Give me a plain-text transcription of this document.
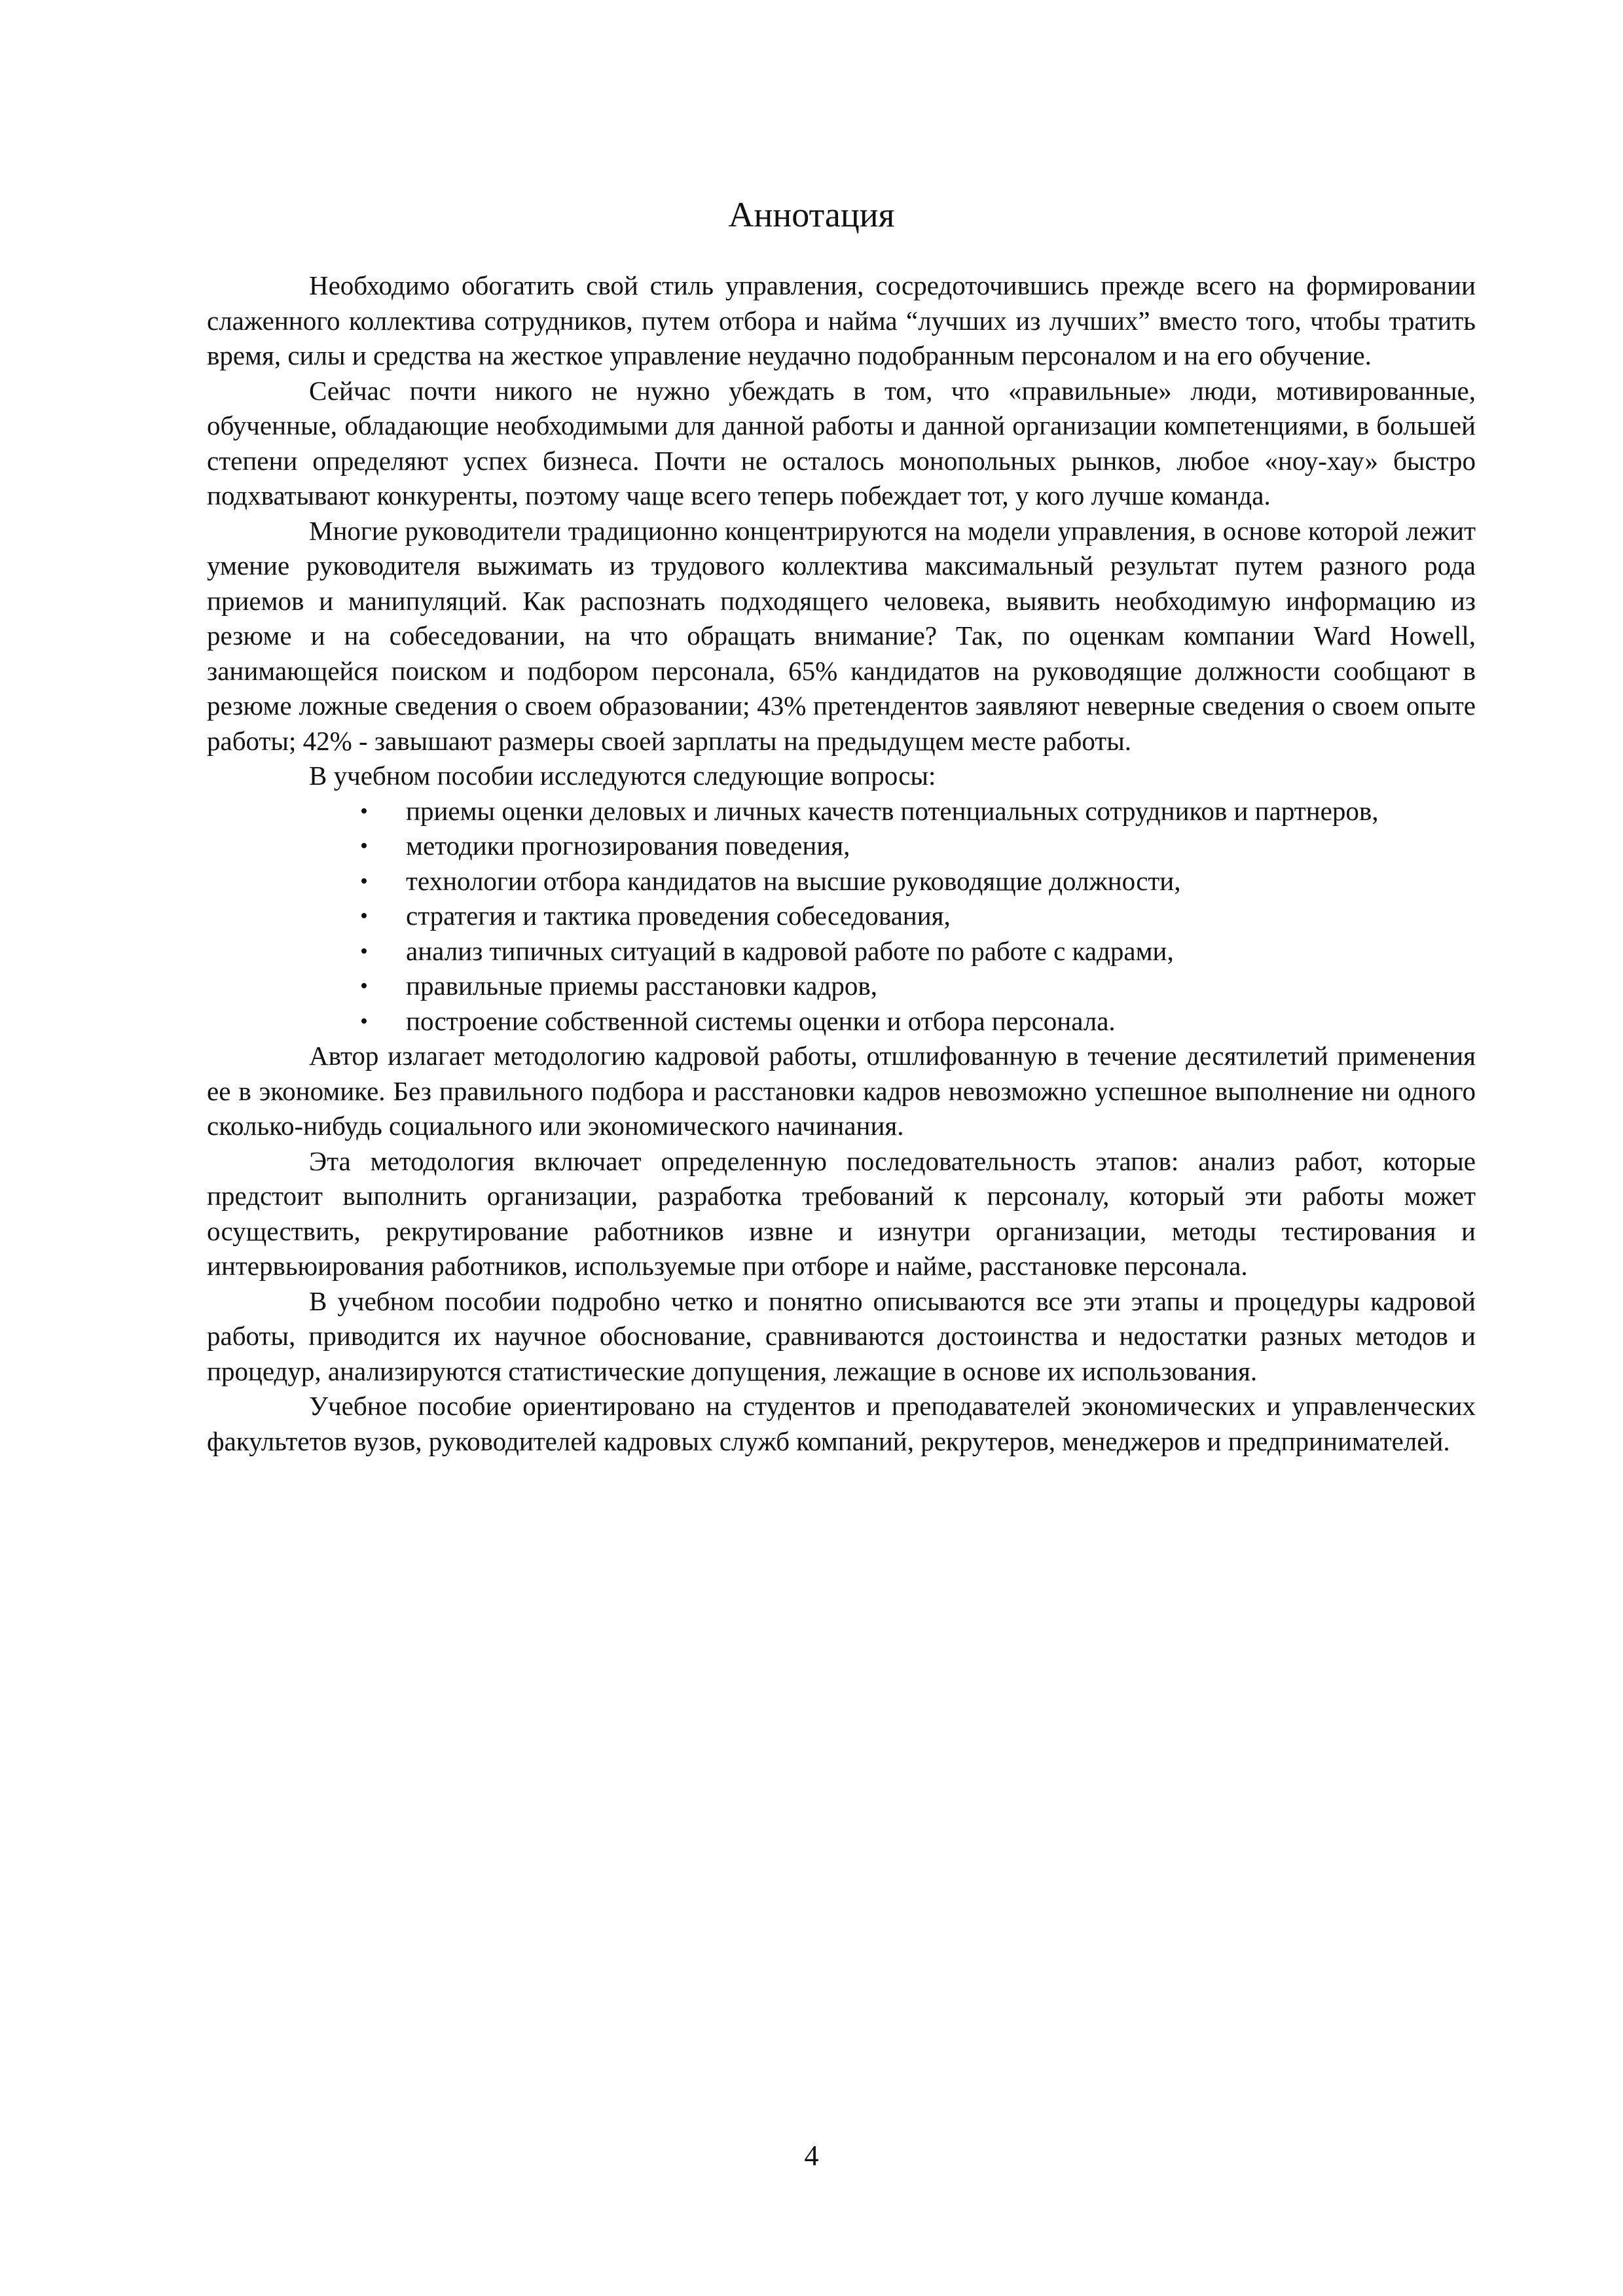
Аннотация

Необходимо обогатить свой стиль управления, сосредоточившись прежде всего на формировании слаженного коллектива сотрудников, путем отбора и найма “лучших из лучших” вместо того, чтобы тратить время, силы и средства на жесткое управление неудачно подобранным персоналом и на его обучение.

Сейчас почти никого не нужно убеждать в том, что «правильные» люди, мотивированные, обученные, обладающие необходимыми для данной работы и данной организации компетенциями, в большей степени определяют успех бизнеса. Почти не осталось монопольных рынков, любое «ноу-хау» быстро подхватывают конкуренты, поэтому чаще всего теперь побеждает тот, у кого лучше команда.

Многие руководители традиционно концентрируются на модели управления, в основе которой лежит умение руководителя выжимать из трудового коллектива максимальный результат путем разного рода приемов и манипуляций. Как распознать подходящего человека, выявить необходимую информацию из резюме и на собеседовании, на что обращать внимание? Так, по оценкам компании Ward Howell, занимающейся поиском и подбором персонала, 65% кандидатов на руководящие должности сообщают в резюме ложные сведения о своем образовании; 43% претендентов заявляют неверные сведения о своем опыте работы; 42% - завышают размеры своей зарплаты на предыдущем месте работы.

В учебном пособии исследуются следующие вопросы:

• приемы оценки деловых и личных качеств потенциальных сотрудников и партнеров,
• методики прогнозирования поведения,
• технологии отбора кандидатов на высшие руководящие должности,
• стратегия и тактика проведения собеседования,
• анализ типичных ситуаций в кадровой работе по работе с кадрами,
• правильные приемы расстановки кадров,
• построение собственной системы оценки и отбора персонала.

Автор излагает методологию кадровой работы, отшлифованную в течение десятилетий применения ее в экономике. Без правильного подбора и расстановки кадров невозможно успешное выполнение ни одного сколько-нибудь социального или экономического начинания.

Эта методология включает определенную последовательность этапов: анализ работ, которые предстоит выполнить организации, разработка требований к персоналу, который эти работы может осуществить, рекрутирование работников извне и изнутри организации, методы тестирования и интервьюирования работников, используемые при отборе и найме, расстановке персонала.

В учебном пособии подробно четко и понятно описываются все эти этапы и процедуры кадровой работы, приводится их научное обоснование, сравниваются достоинства и недостатки разных методов и процедур, анализируются статистические допущения, лежащие в основе их использования.

Учебное пособие ориентировано на студентов и преподавателей экономических и управленческих факультетов вузов, руководителей кадровых служб компаний, рекрутеров, менеджеров и предпринимателей.

4
